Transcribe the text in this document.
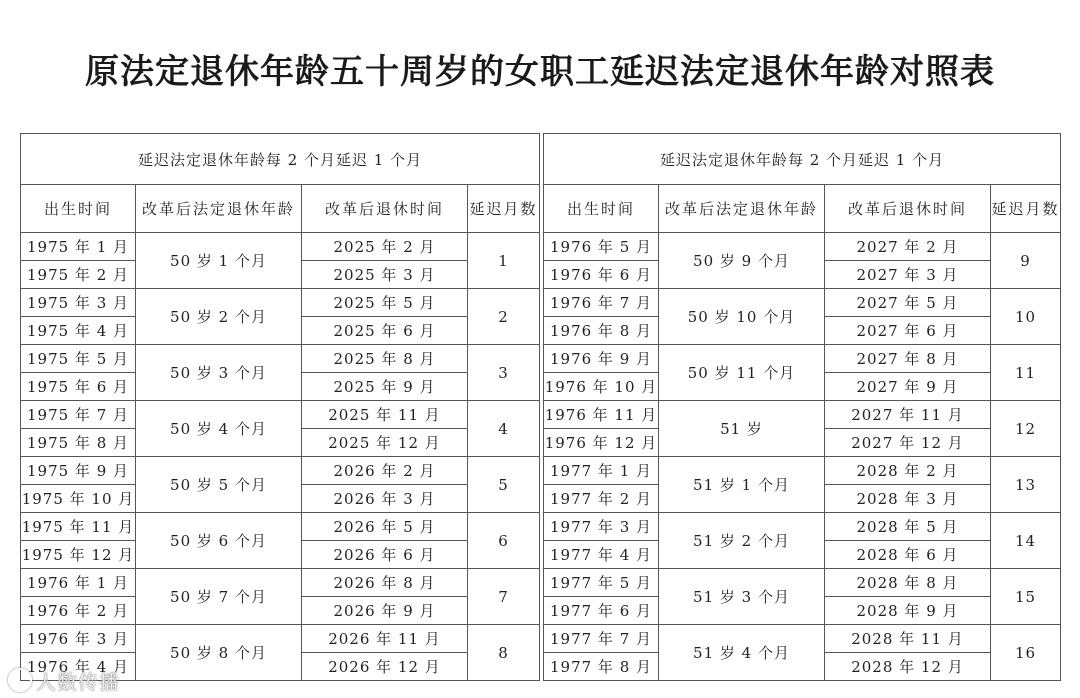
原法定退休年龄五十周岁的女职工延迟法定退休年龄对照表
延迟法定退休年龄每 2 个月延迟 1 个月			
出生时间	改革后法定退休年龄	改革后退休时间	延迟月数
1975 年 1 月	50 岁 1 个月	2025 年 2 月	1
1975 年 2 月		2025 年 3 月	
1975 年 3 月	50 岁 2 个月	2025 年 5 月	2
1975 年 4 月		2025 年 6 月	
1975 年 5 月	50 岁 3 个月	2025 年 8 月	3
1975 年 6 月		2025 年 9 月	
1975 年 7 月	50 岁 4 个月	2025 年 11 月	4
1975 年 8 月		2025 年 12 月	
1975 年 9 月	50 岁 5 个月	2026 年 2 月	5
1975 年 10 月		2026 年 3 月	
1975 年 11 月	50 岁 6 个月	2026 年 5 月	6
1975 年 12 月		2026 年 6 月	
1976 年 1 月	50 岁 7 个月	2026 年 8 月	7
1976 年 2 月		2026 年 9 月	
1976 年 3 月	50 岁 8 个月	2026 年 11 月	8
1976 年 4 月		2026 年 12 月	
延迟法定退休年龄每 2 个月延迟 1 个月			
出生时间	改革后法定退休年龄	改革后退休时间	延迟月数
1976 年 5 月	50 岁 9 个月	2027 年 2 月	9
1976 年 6 月		2027 年 3 月	
1976 年 7 月	50 岁 10 个月	2027 年 5 月	10
1976 年 8 月		2027 年 6 月	
1976 年 9 月	50 岁 11 个月	2027 年 8 月	11
1976 年 10 月		2027 年 9 月	
1976 年 11 月	51 岁	2027 年 11 月	12
1976 年 12 月		2027 年 12 月	
1977 年 1 月	51 岁 1 个月	2028 年 2 月	13
1977 年 2 月		2028 年 3 月	
1977 年 3 月	51 岁 2 个月	2028 年 5 月	14
1977 年 4 月		2028 年 6 月	
1977 年 5 月	51 岁 3 个月	2028 年 8 月	15
1977 年 6 月		2028 年 9 月	
1977 年 7 月	51 岁 4 个月	2028 年 11 月	16
1977 年 8 月		2028 年 12 月	
人数传播
